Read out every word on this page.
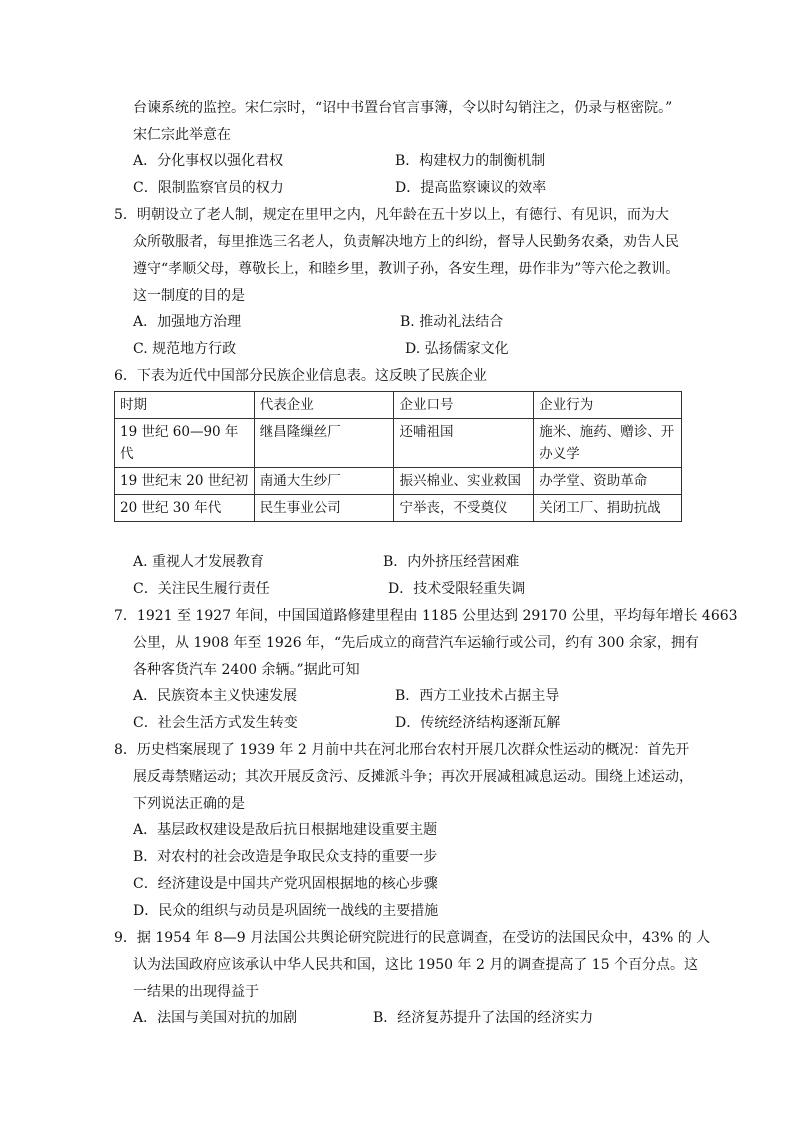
台谏系统的监控。宋仁宗时，“诏中书置台官言事簿，令以时勾销注之，仍录与枢密院。”
宋仁宗此举意在
A．分化事权以强化君权	B．构建权力的制衡机制
C．限制监察官员的权力	D．提高监察谏议的效率
5．明朝设立了老人制，规定在里甲之内，凡年龄在五十岁以上，有德行、有见识，而为大
众所敬服者，每里推选三名老人，负责解决地方上的纠纷，督导人民勤务农桑，劝告人民
遵守“孝顺父母，尊敬长上，和睦乡里，教训子孙，各安生理，毋作非为”等六伦之教训。
这一制度的目的是
A．加强地方治理	B. 推动礼法结合
C. 规范地方行政	D. 弘扬儒家文化
6．下表为近代中国部分民族企业信息表。这反映了民族企业
时期	代表企业	企业口号	企业行为
19 世纪 60—90 年代	继昌隆缫丝厂	还哺祖国	施米、施药、赠诊、开办义学
19 世纪末 20 世纪初	南通大生纱厂	振兴棉业、实业救国	办学堂、资助革命
20 世纪 30 年代	民生事业公司	宁举丧，不受奠仪	关闭工厂、捐助抗战
A. 重视人才发展教育	B．内外挤压经营困难
C．关注民生履行责任	D．技术受限轻重失调
7．1921 至 1927 年间，中国国道路修建里程由 1185 公里达到 29170 公里，平均每年增长 4663
公里，从 1908 年至 1926 年，“先后成立的商营汽车运输行或公司，约有 300 余家，拥有
各种客货汽车 2400 余辆。”据此可知
A．民族资本主义快速发展	B．西方工业技术占据主导
C．社会生活方式发生转变	D．传统经济结构逐渐瓦解
8．历史档案展现了 1939 年 2 月前中共在河北邢台农村开展几次群众性运动的概况：首先开
展反毒禁赌运动；其次开展反贪污、反摊派斗争；再次开展减租减息运动。围绕上述运动，
下列说法正确的是
A．基层政权建设是敌后抗日根据地建设重要主题
B．对农村的社会改造是争取民众支持的重要一步
C．经济建设是中国共产党巩固根据地的核心步骤
D．民众的组织与动员是巩固统一战线的主要措施
9．据 1954 年 8—9 月法国公共舆论研究院进行的民意调查，在受访的法国民众中，43% 的 人
认为法国政府应该承认中华人民共和国，这比 1950 年 2 月的调查提高了 15 个百分点。这
一结果的出现得益于
A．法国与美国对抗的加剧	B．经济复苏提升了法国的经济实力
